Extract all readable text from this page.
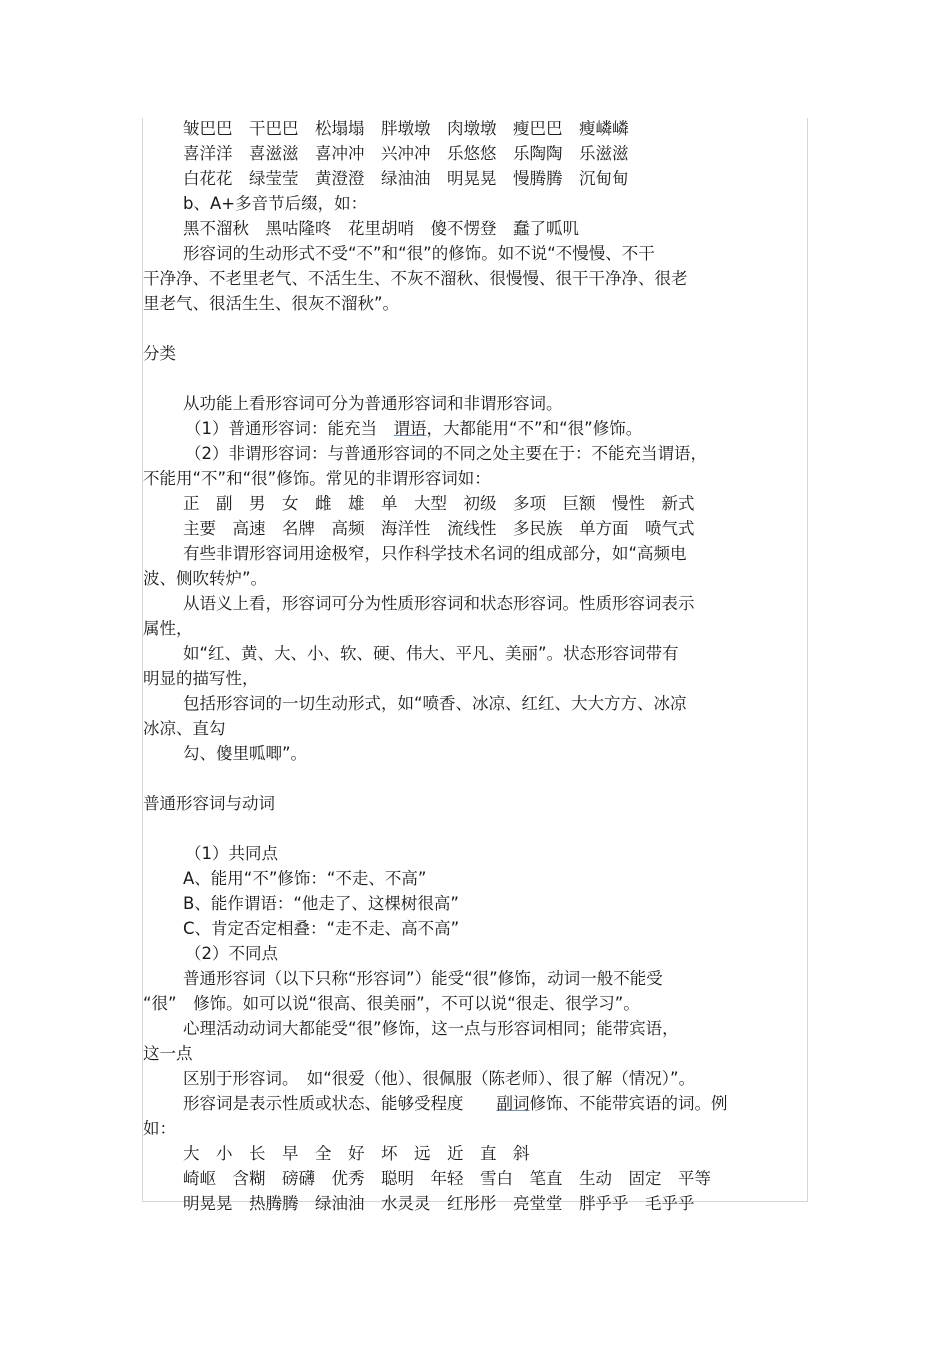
皱巴巴　干巴巴　松塌塌　胖墩墩　肉墩墩　瘦巴巴　瘦嶙嶙
喜洋洋　喜滋滋　喜冲冲　兴冲冲　乐悠悠　乐陶陶　乐滋滋
白花花　绿莹莹　黄澄澄　绿油油　明晃晃　慢腾腾　沉甸甸
b、A+多音节后缀，如：
黑不溜秋　黑咕隆咚　花里胡哨　傻不愣登　蠢了呱叽
形容词的生动形式不受“不”和“很”的修饰。如不说“不慢慢、不干
干净净、不老里老气、不活生生、不灰不溜秋、很慢慢、很干干净净、很老
里老气、很活生生、很灰不溜秋”。
分类
从功能上看形容词可分为普通形容词和非谓形容词。
（1）普通形容词：能充当　谓语，大都能用“不”和“很”修饰。
（2）非谓形容词：与普通形容词的不同之处主要在于：不能充当谓语，
不能用“不”和“很”修饰。常见的非谓形容词如：
正　副　男　女　雌　雄　单　大型　初级　多项　巨额　慢性　新式
主要　高速　名牌　高频　海洋性　流线性　多民族　单方面　喷气式
有些非谓形容词用途极窄，只作科学技术名词的组成部分，如“高频电
波、侧吹转炉”。
从语义上看，形容词可分为性质形容词和状态形容词。性质形容词表示
属性，
如“红、黄、大、小、软、硬、伟大、平凡、美丽”。状态形容词带有
明显的描写性，
包括形容词的一切生动形式，如“喷香、冰凉、红红、大大方方、冰凉
冰凉、直勾
勾、傻里呱唧”。
普通形容词与动词
（1）共同点
A、能用“不”修饰：“不走、不高”
B、能作谓语：“他走了、这棵树很高”
C、肯定否定相叠：“走不走、高不高”
（2）不同点
普通形容词（以下只称“形容词”）能受“很”修饰，动词一般不能受
“很”　修饰。如可以说“很高、很美丽”，不可以说“很走、很学习”。
心理活动动词大都能受“很”修饰，这一点与形容词相同；能带宾语，
这一点
区别于形容词。　如“很爱（他）、很佩服（陈老师）、很了解（情况）”。
形容词是表示性质或状态、能够受程度　　副词修饰、不能带宾语的词。例
如：
大　小　长　早　全　好　坏　远　近　直　斜
崎岖　含糊　磅礴　优秀　聪明　年轻　雪白　笔直　生动　固定　平等
明晃晃　热腾腾　绿油油　水灵灵　红彤彤　亮堂堂　胖乎乎　毛乎乎
